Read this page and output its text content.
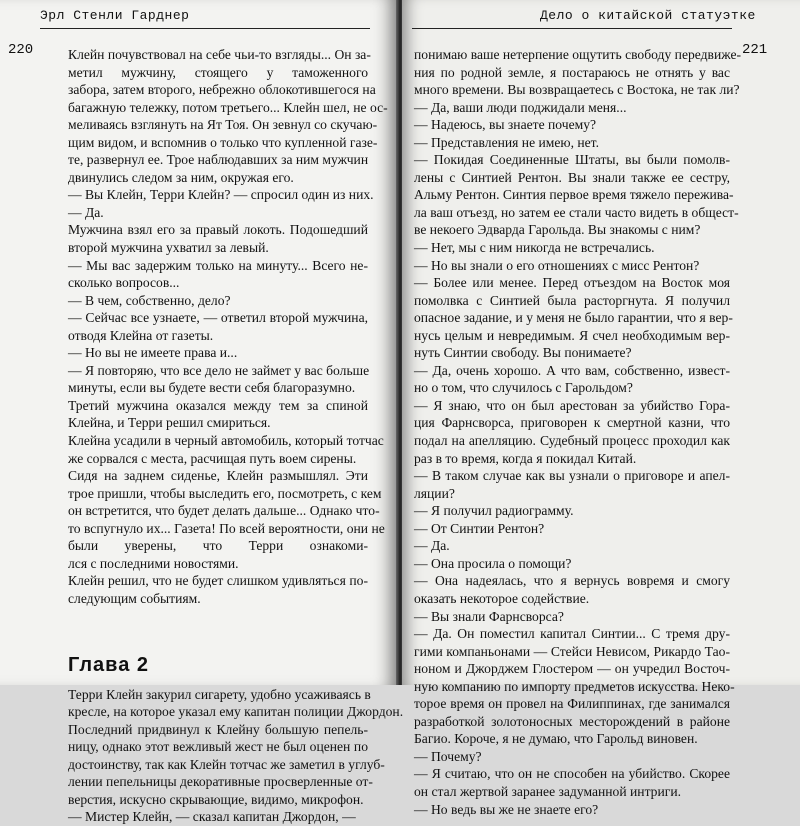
Эрл Стенли Гарднер
220	Клейн почувствовал на себе чьи-то взгляды... Он за-
метил мужчину, стоящего у таможенного
забора, затем второго, небрежно облокотившегося на
багажную тележку, потом третьего... Клейн шел, не ос-
меливаясь взглянуть на Ят Тоя. Он зевнул со скучаю-
щим видом, и вспомнив о только что купленной газе-
те, развернул ее. Трое наблюдавших за ним мужчин
двинулись следом за ним, окружая его.
— Вы Клейн, Терри Клейн? — спросил один из них.
— Да.
Мужчина взял его за правый локоть. Подошедший
второй мужчина ухватил за левый.
— Мы вас задержим только на минуту... Всего не-
сколько вопросов...
— В чем, собственно, дело?
— Сейчас все узнаете, — ответил второй мужчина,
отводя Клейна от газеты.
— Но вы не имеете права и...
— Я повторяю, что все дело не займет у вас больше
минуты, если вы будете вести себя благоразумно.
Третий мужчина оказался между тем за спиной
Клейна, и Терри решил смириться.
Клейна усадили в черный автомобиль, который тотчас
же сорвался с места, расчищая путь воем сирены.
Сидя на заднем сиденье, Клейн размышлял. Эти
трое пришли, чтобы выследить его, посмотреть, с кем
он встретится, что будет делать дальше... Однако что-
то вспугнуло их... Газета! По всей вероятности, они не
были уверены, что Терри ознакоми-
лся с последними новостями.
Клейн решил, что не будет слишком удивляться по-
следующим событиям.
Глава 2
Терри Клейн закурил сигарету, удобно усаживаясь в
кресле, на которое указал ему капитан полиции Джордон.
Последний придвинул к Клейну большую пепель-
ницу, однако этот вежливый жест не был оценен по
достоинству, так как Клейн тотчас же заметил в углуб-
лении пепельницы декоративные просверленные от-
верстия, искусно скрывающие, видимо, микрофон.
— Мистер Клейн, — сказал капитан Джордон, —
Дело о китайской статуэтке
221
понимаю ваше нетерпение ощутить свободу передвиже-
ния по родной земле, я постараюсь не отнять у вас
много времени. Вы возвращаетесь с Востока, не так ли?
— Да, ваши люди поджидали меня...
— Надеюсь, вы знаете почему?
— Представления не имею, нет.
— Покидая Соединенные Штаты, вы были помолв-
лены с Синтией Рентон. Вы знали также ее сестру,
Альму Рентон. Синтия первое время тяжело пережива-
ла ваш отъезд, но затем ее стали часто видеть в общест-
ве некоего Эдварда Гарольда. Вы знакомы с ним?
— Нет, мы с ним никогда не встречались.
— Но вы знали о его отношениях с мисс Рентон?
— Более или менее. Перед отъездом на Восток моя
помолвка с Синтией была расторгнута. Я получил
опасное задание, и у меня не было гарантии, что я вер-
нусь целым и невредимым. Я счел необходимым вер-
нуть Синтии свободу. Вы понимаете?
— Да, очень хорошо. А что вам, собственно, извест-
но о том, что случилось с Гарольдом?
— Я знаю, что он был арестован за убийство Гора-
ция Фарнсворса, приговорен к смертной казни, что
подал на апелляцию. Судебный процесс проходил как
раз в то время, когда я покидал Китай.
— В таком случае как вы узнали о приговоре и апел-
ляции?
— Я получил радиограмму.
— От Синтии Рентон?
— Да.
— Она просила о помощи?
— Она надеялась, что я вернусь вовремя и смогу
оказать некоторое содействие.
— Вы знали Фарнсворса?
— Да. Он поместил капитал Синтии... С тремя дру-
гими компаньонами — Стейси Невисом, Рикардо Тао-
ноном и Джорджем Глостером — он учредил Восточ-
ную компанию по импорту предметов искусства. Неко-
торое время он провел на Филиппинах, где занимался
разработкой золотоносных месторождений в районе
Багио. Короче, я не думаю, что Гарольд виновен.
— Почему?
— Я считаю, что он не способен на убийство. Скорее
он стал жертвой заранее задуманной интриги.
— Но ведь вы же не знаете его?
